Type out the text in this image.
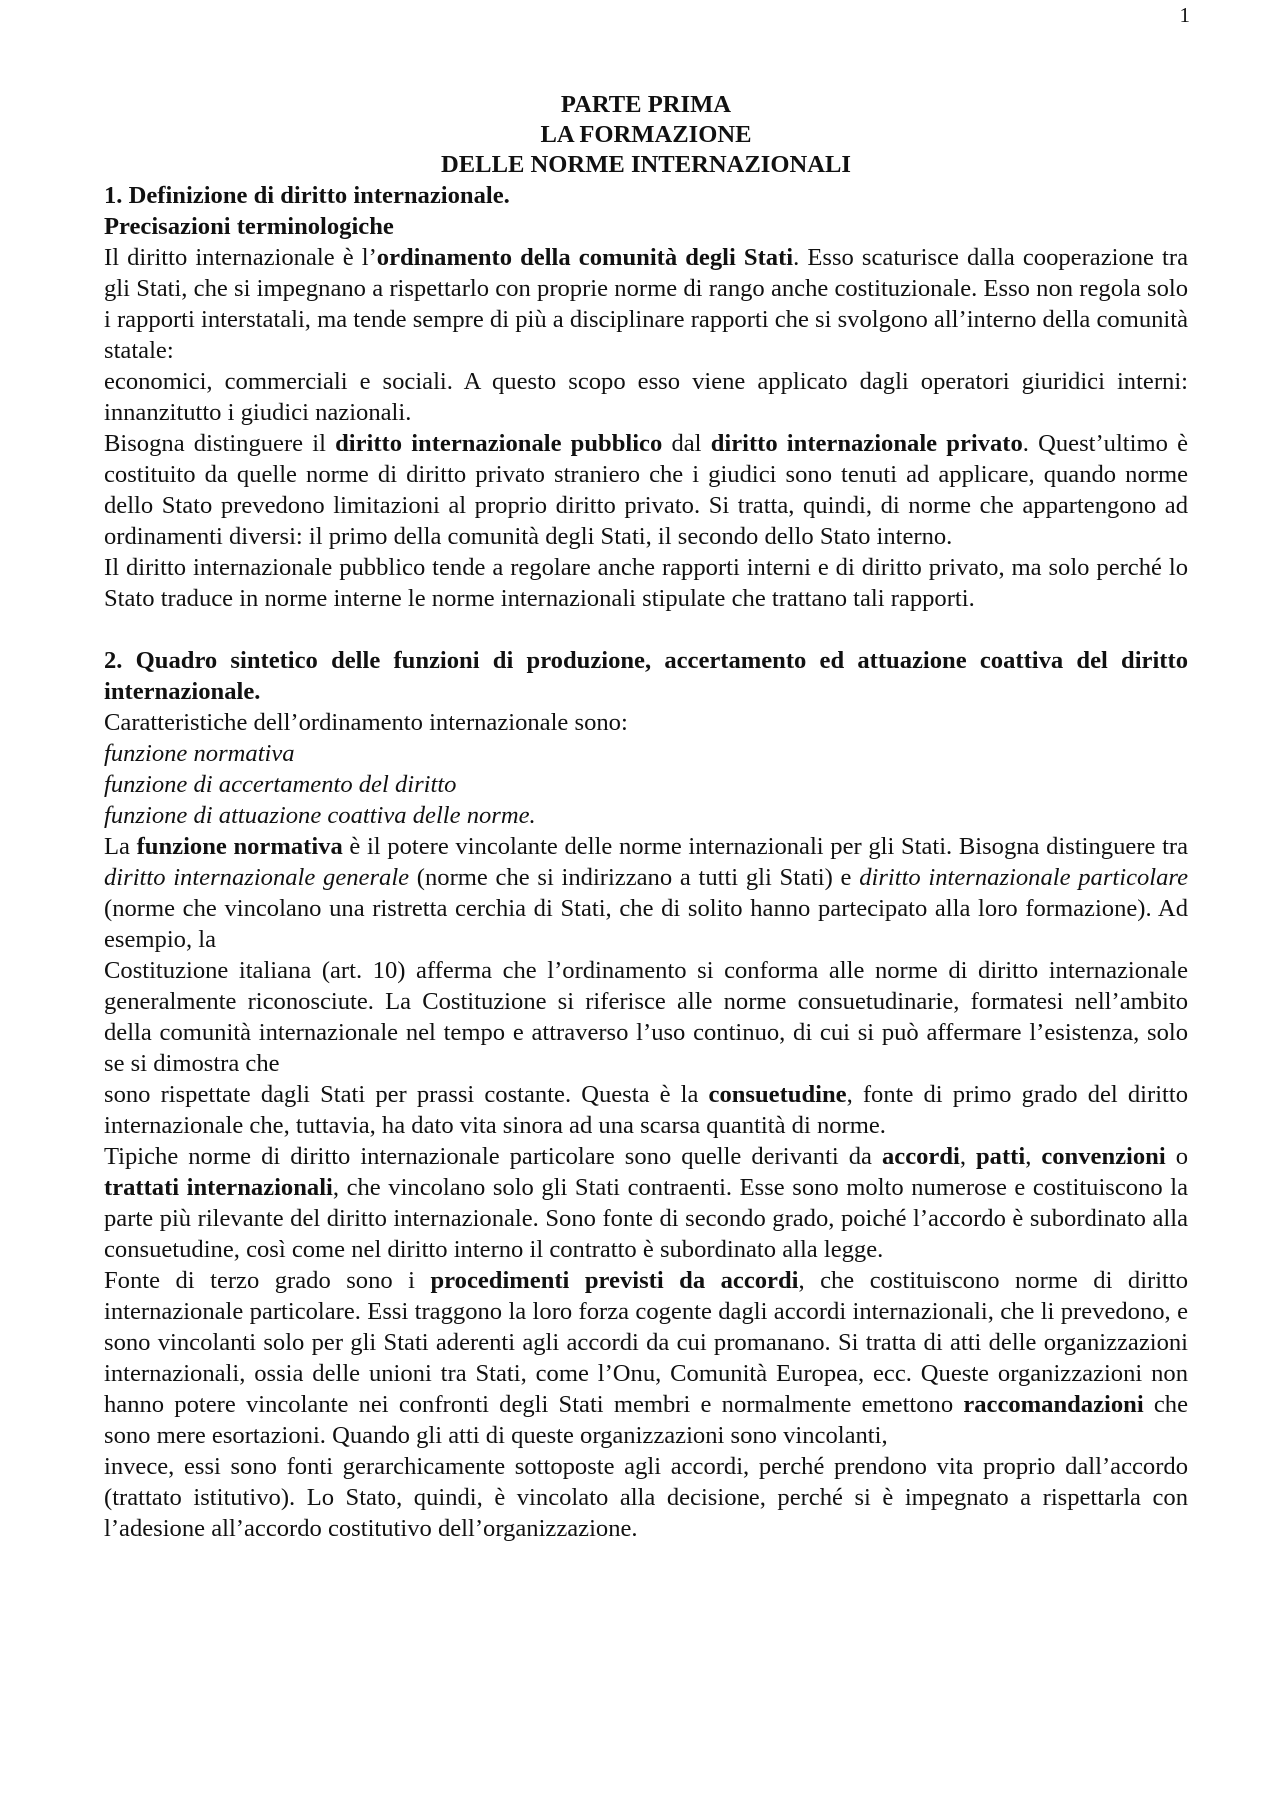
1
PARTE PRIMA
LA FORMAZIONE
DELLE NORME INTERNAZIONALI
1. Definizione di diritto internazionale.
Precisazioni terminologiche

Il diritto internazionale è l’ordinamento della comunità degli Stati. Esso scaturisce dalla cooperazione tra gli Stati, che si impegnano a rispettarlo con proprie norme di rango anche costituzionale. Esso non regola solo i rapporti interstatali, ma tende sempre di più a disciplinare rapporti che si svolgono all’interno della comunità statale:

economici, commerciali e sociali. A questo scopo esso viene applicato dagli operatori giuridici interni: innanzitutto i giudici nazionali.

Bisogna distinguere il diritto internazionale pubblico dal diritto internazionale privato. Quest’ultimo è costituito da quelle norme di diritto privato straniero che i giudici sono tenuti ad applicare, quando norme dello Stato prevedono limitazioni al proprio diritto privato. Si tratta, quindi, di norme che appartengono ad ordinamenti diversi: il primo della comunità degli Stati, il secondo dello Stato interno.

Il diritto internazionale pubblico tende a regolare anche rapporti interni e di diritto privato, ma solo perché lo Stato traduce in norme interne le norme internazionali stipulate che trattano tali rapporti.

2. Quadro sintetico delle funzioni di produzione, accertamento ed attuazione coattiva del diritto internazionale.

Caratteristiche dell’ordinamento internazionale sono:
funzione normativa
funzione di accertamento del diritto
funzione di attuazione coattiva delle norme.

La funzione normativa è il potere vincolante delle norme internazionali per gli Stati. Bisogna distinguere tra diritto internazionale generale (norme che si indirizzano a tutti gli Stati) e diritto internazionale particolare (norme che vincolano una ristretta cerchia di Stati, che di solito hanno partecipato alla loro formazione). Ad esempio, la

Costituzione italiana (art. 10) afferma che l’ordinamento si conforma alle norme di diritto internazionale generalmente riconosciute. La Costituzione si riferisce alle norme consuetudinarie, formatesi nell’ambito della comunità internazionale nel tempo e attraverso l’uso continuo, di cui si può affermare l’esistenza, solo se si dimostra che

sono rispettate dagli Stati per prassi costante. Questa è la consuetudine, fonte di primo grado del diritto internazionale che, tuttavia, ha dato vita sinora ad una scarsa quantità di norme.

Tipiche norme di diritto internazionale particolare sono quelle derivanti da accordi, patti, convenzioni o trattati internazionali, che vincolano solo gli Stati contraenti. Esse sono molto numerose e costituiscono la parte più rilevante del diritto internazionale. Sono fonte di secondo grado, poiché l’accordo è subordinato alla consuetudine, così come nel diritto interno il contratto è subordinato alla legge.

Fonte di terzo grado sono i procedimenti previsti da accordi, che costituiscono norme di diritto internazionale particolare. Essi traggono la loro forza cogente dagli accordi internazionali, che li prevedono, e sono vincolanti solo per gli Stati aderenti agli accordi da cui promanano. Si tratta di atti delle organizzazioni internazionali, ossia delle unioni tra Stati, come l’Onu, Comunità Europea, ecc. Queste organizzazioni non hanno potere vincolante nei confronti degli Stati membri e normalmente emettono raccomandazioni che sono mere esortazioni. Quando gli atti di queste organizzazioni sono vincolanti,

invece, essi sono fonti gerarchicamente sottoposte agli accordi, perché prendono vita proprio dall’accordo (trattato istitutivo). Lo Stato, quindi, è vincolato alla decisione, perché si è impegnato a rispettarla con l’adesione all’accordo costitutivo dell’organizzazione.
